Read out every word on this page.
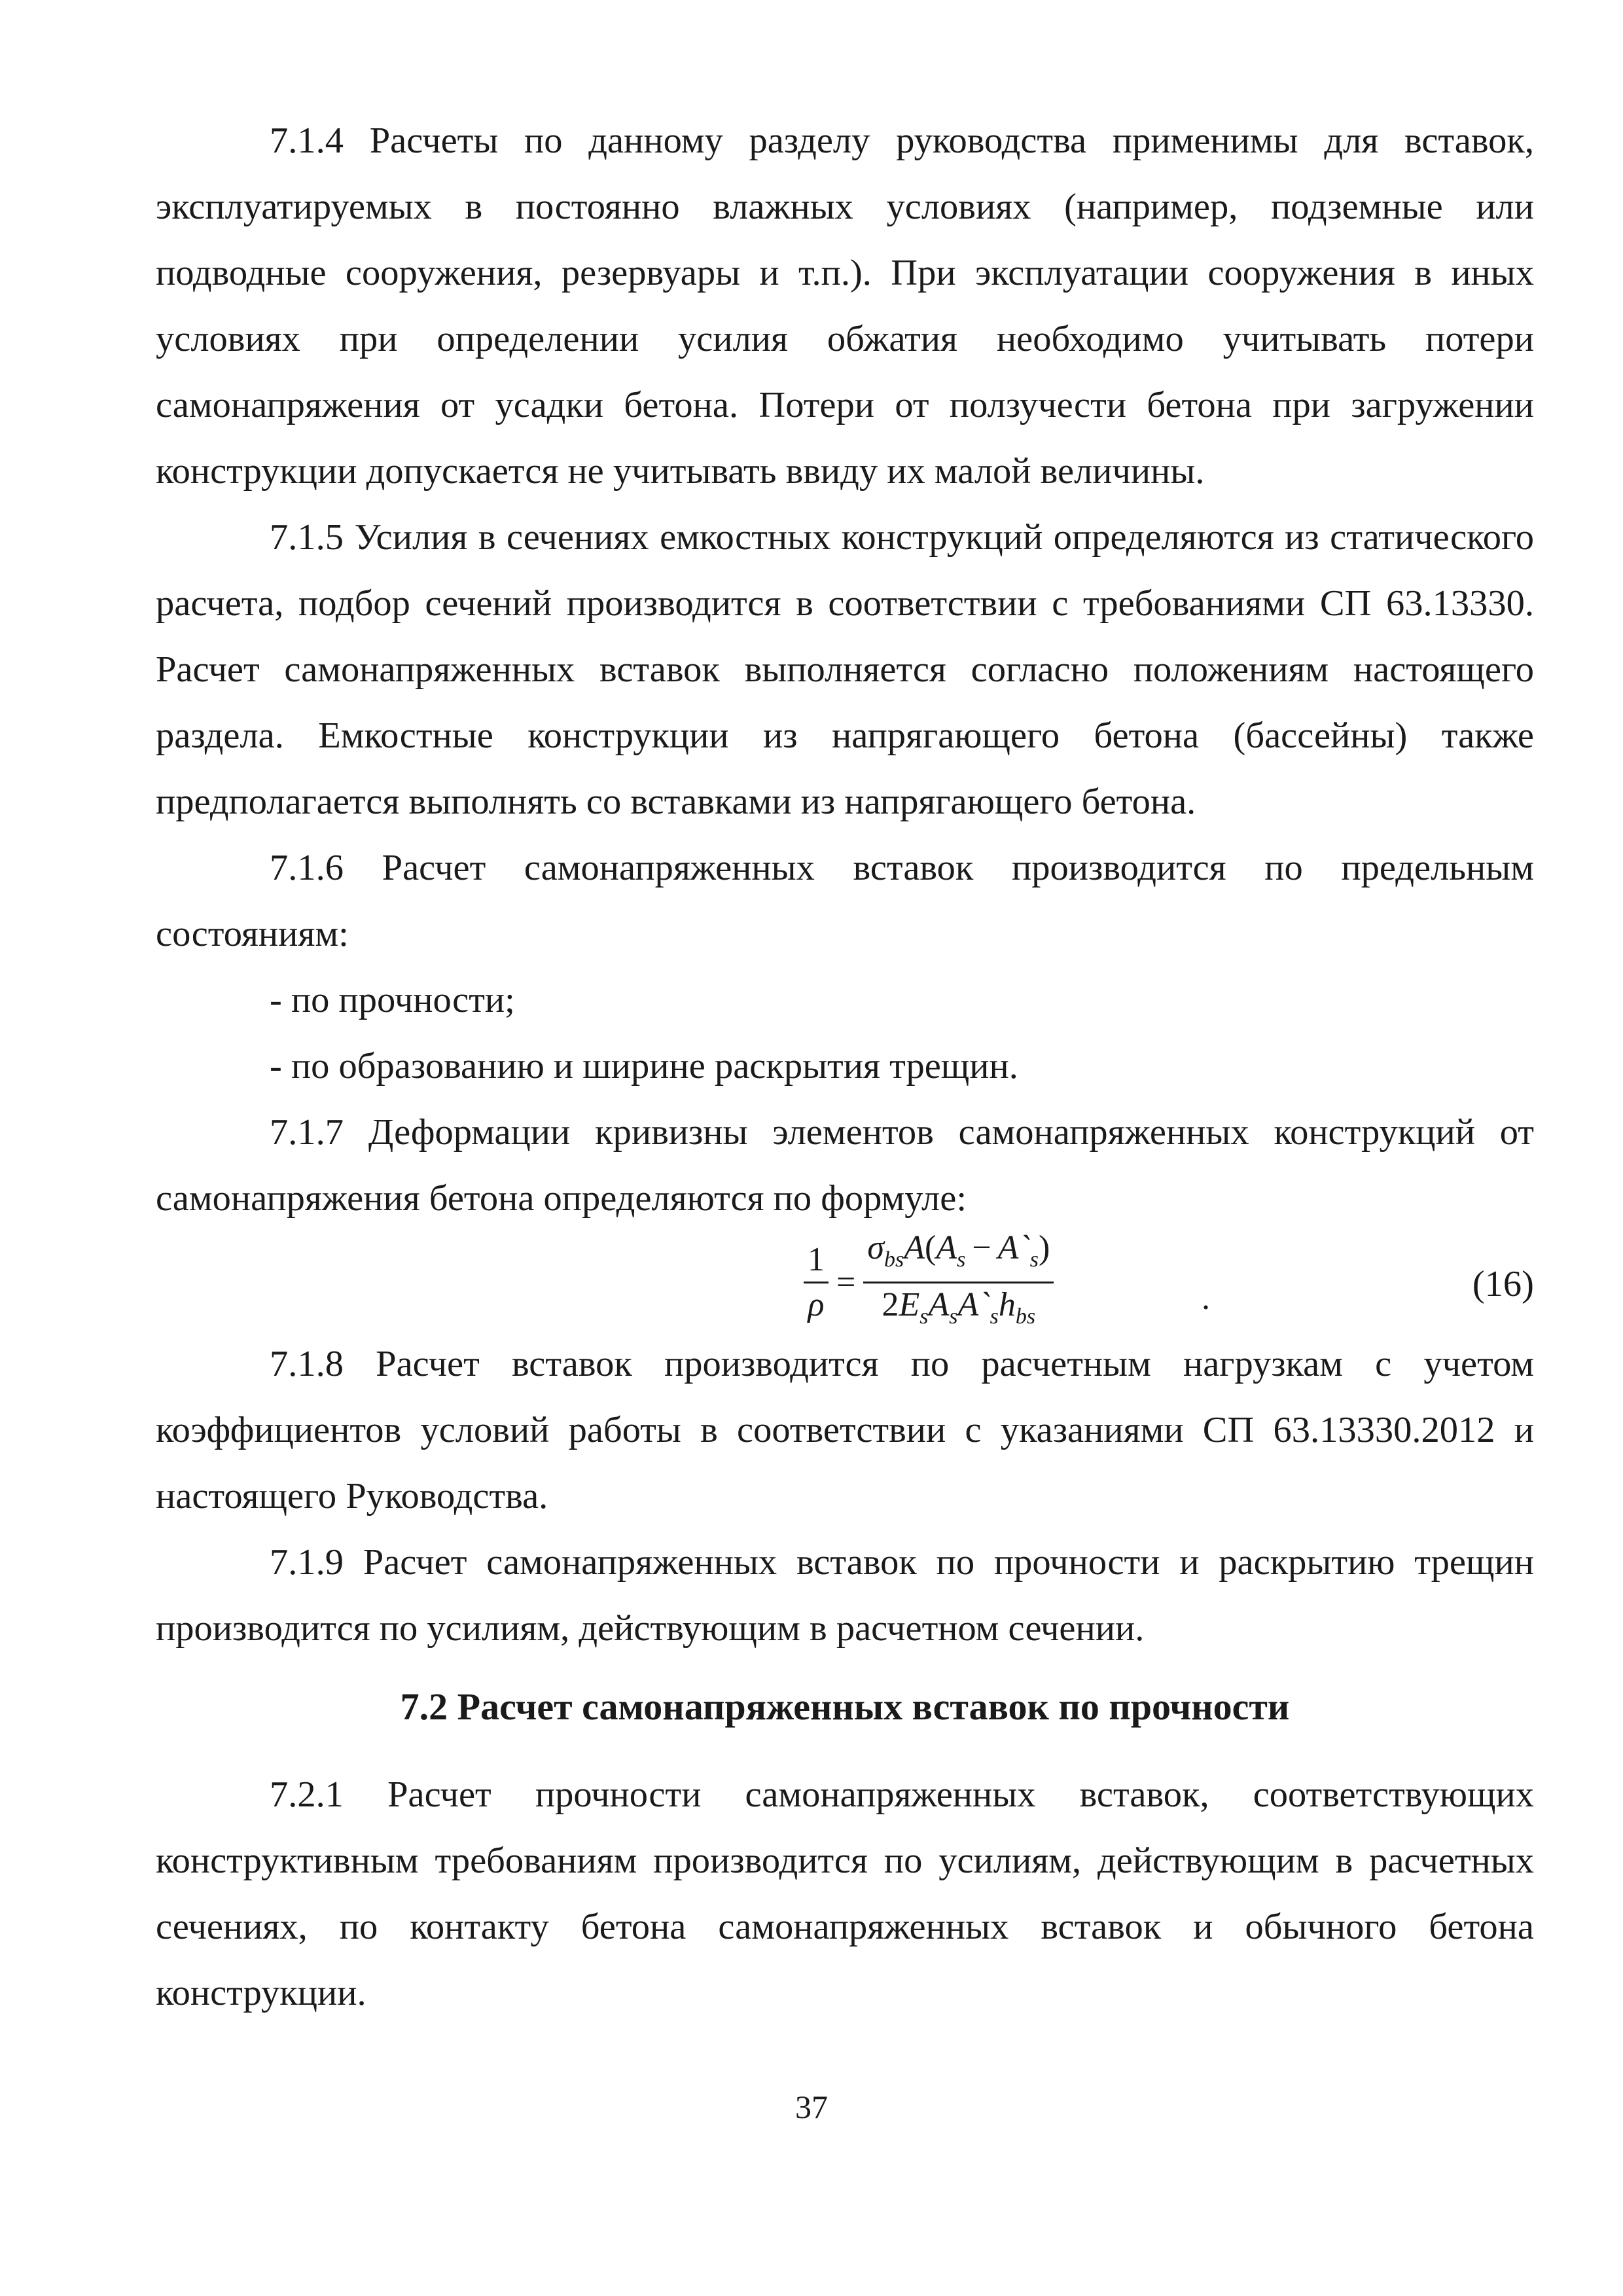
7.1.4 Расчеты по данному разделу руководства применимы для вставок, эксплуатируемых в постоянно влажных условиях (например, подземные или подводные сооружения, резервуары и т.п.). При эксплуатации сооружения в иных условиях при определении усилия обжатия необходимо учитывать потери самонапряжения от усадки бетона. Потери от ползучести бетона при загружении конструкции допускается не учитывать ввиду их малой величины.

7.1.5 Усилия в сечениях емкостных конструкций определяются из статического расчета, подбор сечений производится в соответствии с требованиями СП 63.13330. Расчет самонапряженных вставок выполняется согласно положениям настоящего раздела. Емкостные конструкции из напрягающего бетона (бассейны) также предполагается выполнять со вставками из напрягающего бетона.

7.1.6 Расчет самонапряженных вставок производится по предельным состояниям:

- по прочности;

- по образованию и ширине раскрытия трещин.

7.1.7 Деформации кривизны элементов самонапряженных конструкций от самонапряжения бетона определяются по формуле:

$\frac{1}{\rho} = \frac{\sigma_{bs}A(A_s - A`_s)}{2E_sA_sA`_sh_{bs}}$	.	(16)

7.1.8 Расчет вставок производится по расчетным нагрузкам с учетом коэффициентов условий работы в соответствии с указаниями СП 63.13330.2012 и настоящего Руководства.

7.1.9 Расчет самонапряженных вставок по прочности и раскрытию трещин производится по усилиям, действующим в расчетном сечении.

7.2 Расчет самонапряженных вставок по прочности

7.2.1 Расчет прочности самонапряженных вставок, соответствующих конструктивным требованиям производится по усилиям, действующим в расчетных сечениях, по контакту бетона самонапряженных вставок и обычного бетона конструкции.

37
